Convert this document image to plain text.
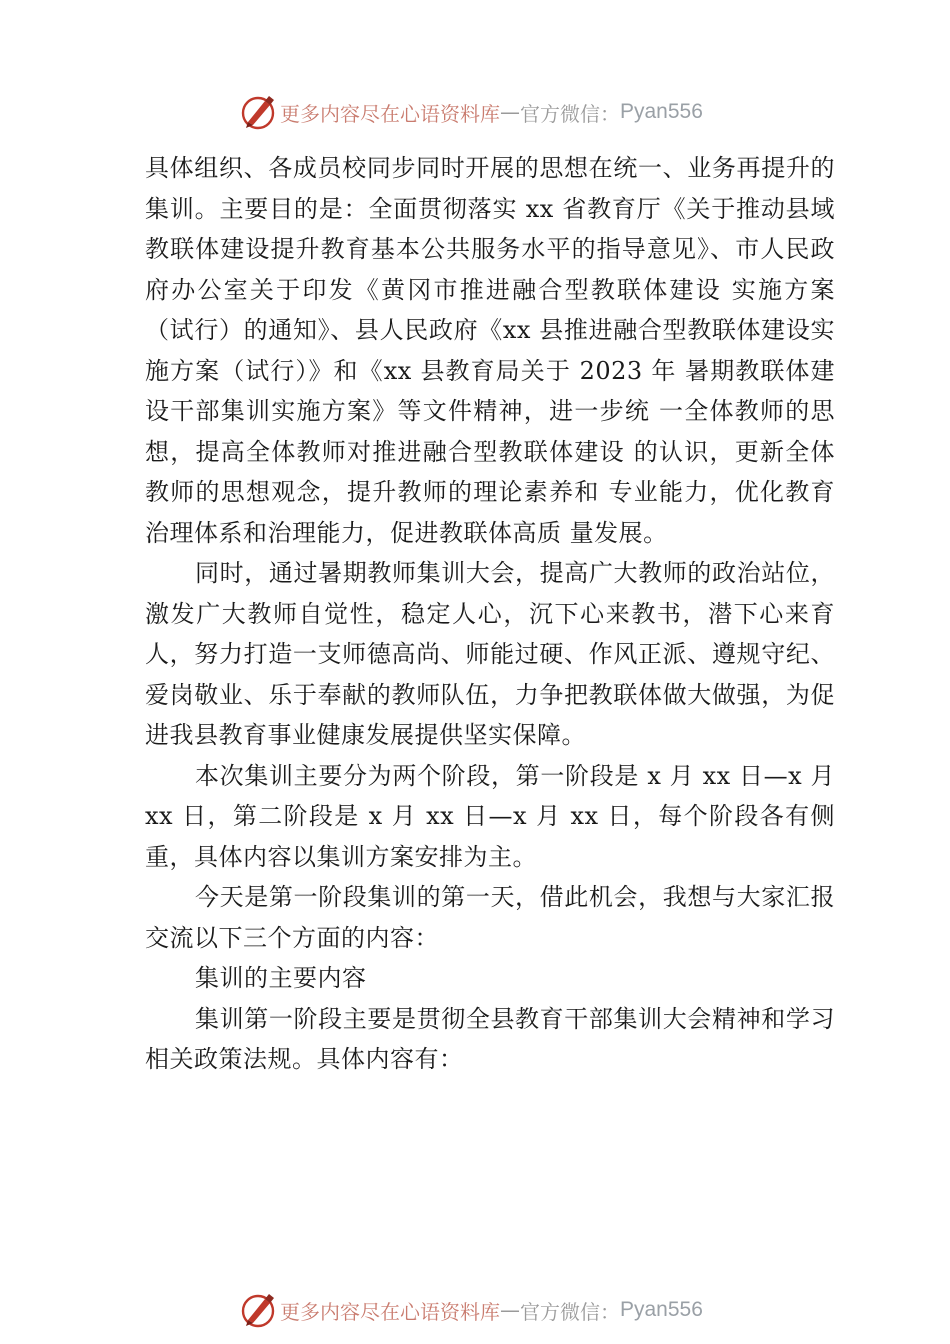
更多内容尽在心语资料库 — 官方微信： Pyan556

具体组织、各成员校同步同时开展的思想在统一、业务再提升的集训。主要目的是：全面贯彻落实 xx 省教育厅《关于推动县域教联体建设提升教育基本公共服务水平的指导意见》、市人民政府办公室关于印发《黄冈市推进融合型教联体建设 实施方案（试行）的通知》、县人民政府《xx 县推进融合型教联体建设实施方案（试行）》和《xx 县教育局关于 2023 年 暑期教联体建设干部集训实施方案》等文件精神，进一步统 一全体教师的思想，提高全体教师对推进融合型教联体建设 的认识，更新全体教师的思想观念，提升教师的理论素养和 专业能力，优化教育治理体系和治理能力，促进教联体高质 量发展。

同时，通过暑期教师集训大会，提高广大教师的政治站位，激发广大教师自觉性，稳定人心，沉下心来教书，潜下心来育人，努力打造一支师德高尚、师能过硬、作风正派、遵规守纪、爱岗敬业、乐于奉献的教师队伍，力争把教联体做大做强，为促进我县教育事业健康发展提供坚实保障。

本次集训主要分为两个阶段，第一阶段是 x 月 xx 日—x 月 xx 日，第二阶段是 x 月 xx 日—x 月 xx 日，每个阶段各有侧重，具体内容以集训方案安排为主。

今天是第一阶段集训的第一天，借此机会，我想与大家汇报交流以下三个方面的内容：

集训的主要内容

集训第一阶段主要是贯彻全县教育干部集训大会精神和学习相关政策法规。具体内容有：

更多内容尽在心语资料库 — 官方微信： Pyan556
